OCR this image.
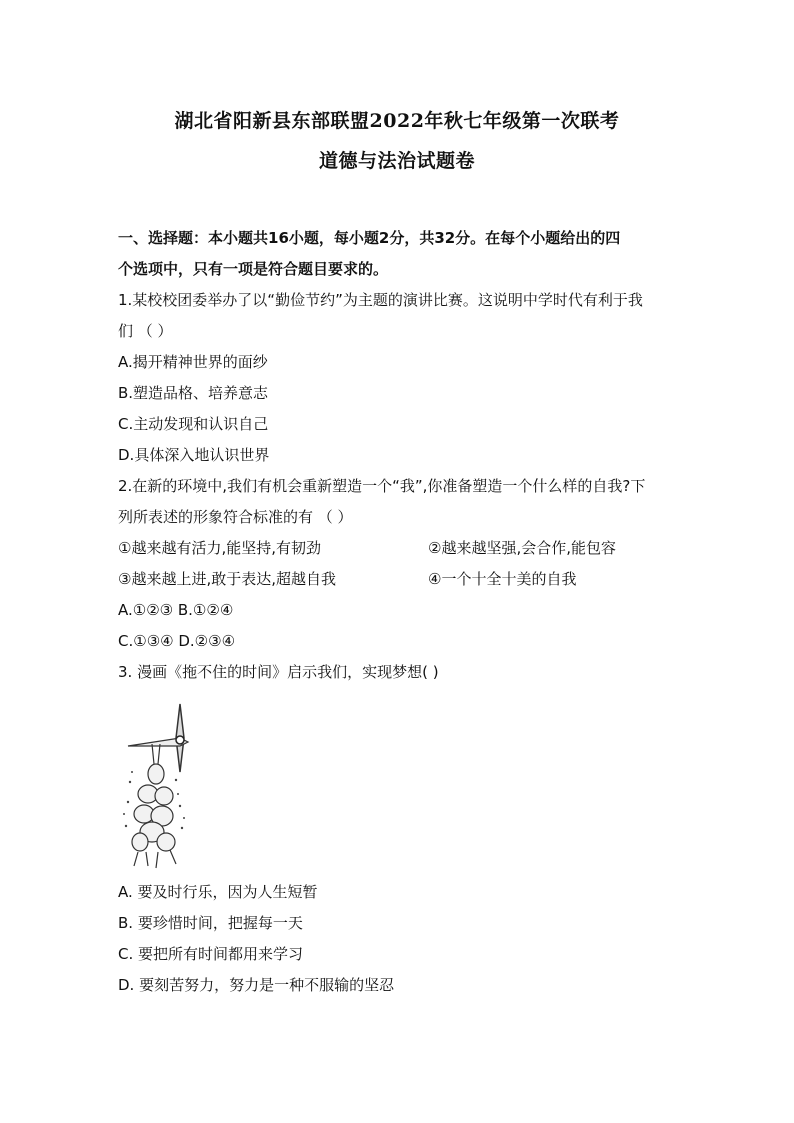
湖北省阳新县东部联盟2022年秋七年级第一次联考
道德与法治试题卷
一、选择题：本小题共16小题，每小题2分，共32分。在每个小题给出的四
个选项中，只有一项是符合题目要求的。
1.某校校团委举办了以“勤俭节约”为主题的演讲比赛。这说明中学时代有利于我
们 （ ）
A.揭开精神世界的面纱
B.塑造品格、培养意志
C.主动发现和认识自己
D.具体深入地认识世界
2.在新的环境中,我们有机会重新塑造一个“我”,你准备塑造一个什么样的自我?下
列所表述的形象符合标准的有 （ ）
①越来越有活力,能坚持,有韧劲	②越来越坚强,会合作,能包容
③越来越上进,敢于表达,超越自我	④一个十全十美的自我
A.①②③ B.①②④
C.①③④ D.②③④
3. 漫画《拖不住的时间》启示我们，实现梦想( )
A. 要及时行乐，因为人生短暂
B. 要珍惜时间，把握每一天
C. 要把所有时间都用来学习
D. 要刻苦努力，努力是一种不服输的坚忍
